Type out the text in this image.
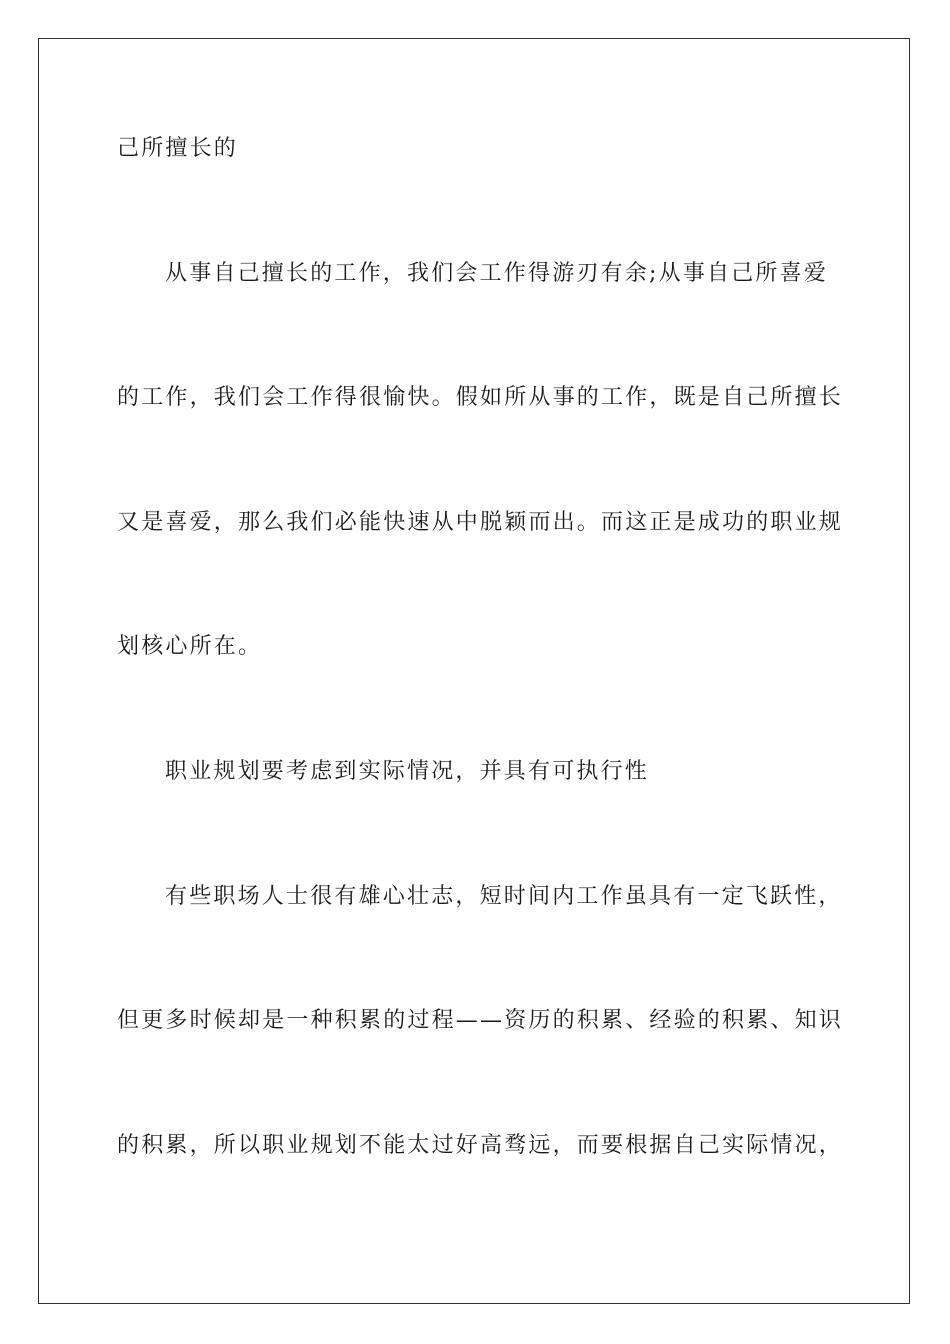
己所擅长的
从事自己擅长的工作，我们会工作得游刃有余;从事自己所喜爱
的工作，我们会工作得很愉快。假如所从事的工作，既是自己所擅长
又是喜爱，那么我们必能快速从中脱颖而出。而这正是成功的职业规
划核心所在。
职业规划要考虑到实际情况，并具有可执行性
有些职场人士很有雄心壮志，短时间内工作虽具有一定飞跃性，
但更多时候却是一种积累的过程——资历的积累、经验的积累、知识
的积累，所以职业规划不能太过好高骛远，而要根据自己实际情况，
